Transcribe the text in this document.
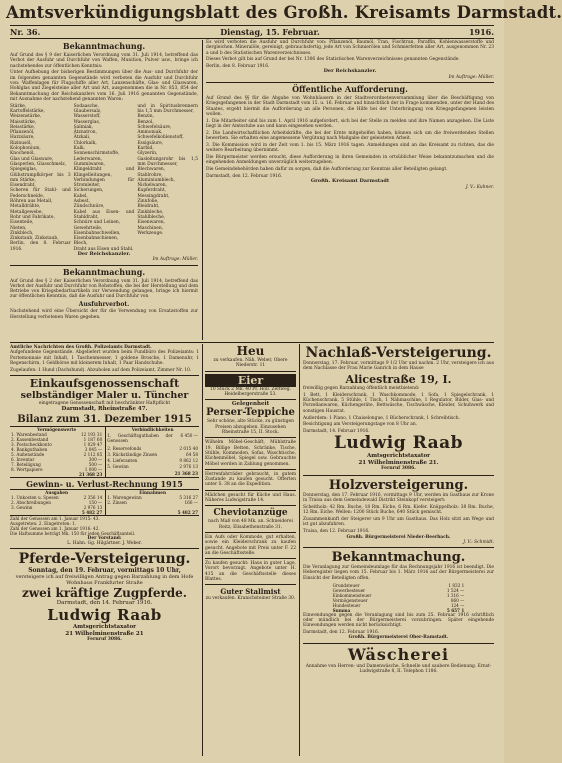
Amtsverkündigungsblatt des Großh. Kreisamts Darmstadt.
Nr. 36.	Dienstag, 15. Februar.	1916.
Bekanntmachung.

Auf Grund des § 9 der Kaiserlichen Verordnung vom 31. Juli 1914, betreffend das Verbot der Ausfuhr und Durchfuhr von Waffen, Munition, Pulver usw., bringe ich nachstehendes zur öffentlichen Kenntnis:

Unter Aufhebung der bisherigen Bestimmungen über die Aus- und Durchfuhr der im folgenden genannten Gegenstände wird verboten die Ausfuhr und Durchfuhr von: Waffenlagen für Flugschiffe aller Art, Lanzenschäfte, Glas- und Glaswaren, Hohlglas und Ziegelsteine aller Art und Art, ausgenommen die in Nr. 853, 854 der Bekanntmachung der Reichskanzlers vom 16. Juli 1916 genannten Gegenstände, mit Ausnahme der nachstehend genannten Waren:

Stärke,
Kartoffelstärke,
Weizenstärke,
Maisstärke,
Reisstärke,
Pflanzenöl,
Harzsäure,
Rizinusöl,
Kolophonium,
Knochenöl,
Glas und Glasware,
Glasperlen, Glasschmelz,
Spiegelglas,
Glühstrumpfkörper bis 3 mm Stärke,
Eisendraht,
Scheren für Stahl- und Federschneide,
Röhren aus Metall,
Metalldrähte,
Metallgewebe,
Rohr und Fabrikate,
Eisenteile,
Nieten,
Zinkblech,
Zinkstaub, Zinkstaub,
Berlin, den 8. Februar 1916.
Sodaasche,
Glaubersalz,
Wasserstoff,
Wasserglas,
Salmiak,
Ätznatron,
Ätzkali,
Chlorkalk,
Kalk,
Sonnenschirmstoffe,
Lederwaren,
Gummiwaren,
Klingeldraht und Klingelleitungen,
Verbindungen für Stromleiter,
Sicherungen,
Kabel,
Asbest,
Zündschnüre,
Kabel aus Eisen- und Stahldraht,
Schnüre und Leinen,
Gewehrteile,
Eisenbahnschwellen,
Eisenbahnschienen,
Blech,
Draht aus Eisen und Stahl.
und in Spiritusbrennern bis 1,5 mm Durchmesser,
Benzin,
Benzol,
Schwefelsäure,
Ammoniak,
Schwefelkohlenstoff,
Essigsäure,
Karbid,
Glyzerin,
Gasleitungsrohr bis 1,5 mm Durchmesser,
Blechwaren,
Stahlrohre,
Aluminiumblech,
Nickelwaren,
Kupferdraht,
Messingdraht,
Zinnfolie,
Bleidraht,
Zinkbleche,
Stahlbleche,
Eisenwaren,
Maschinen,
Werkzeuge.
Der Reichskanzler.
Im Auftrage: Müller.
Bekanntmachung.

Auf Grund des § 2 der Kaiserlichen Verordnung vom 31. Juli 1914, betreffend das Verbot der Ausfuhr und Durchfuhr von Rohstoffen, die bei der Herstellung und dem Betriebe von Kriegsbedarfsartikeln zur Verwendung gelangen, bringe ich hiermit zur öffentlichen Kenntnis, daß die Ausfuhr und Durchfuhr von

Ausfuhrverbot.

Nachstehend wird eine Übersicht der für die Verwendung von Ersatzstoffen zur Herstellung verbotenen Waren gegeben.

Es wird verboten die Ausfuhr und Durchfuhr von: Pflanzenöl, Baumöl, Tran, Fischtran, Paraffin, Kohlenwasserstoffe und dergleichen. Mineralöle, gereinigt, gebrauchsfertig, jede Art von Schmierölen und Schmierfetten aller Art, ausgenommen Nr. 23 a und b des Statistischen Warenverzeichnisses.

Dieses Verbot gilt bis auf Grund der bei Nr. 1306 des Statistischen Warenverzeichnisses genannten Gegenstände.

Berlin, den 8. Februar 1916.
Der Reichskanzler.
Im Auftrage: Müller.
Öffentliche Aufforderung.

Auf Grund des §§ für die Abgabe von Wohnhäusern in der Stadtverordnetenversammlung über die Beschäftigung von Kriegsgefangenen in der Stadt Darmstadt vom 15. u. 16. Februar und hinsichtlich der in Frage kommenden, unter der Hand des Staates, ergeht hiermit die Aufforderung an alle Personen, die Hilfe bei der Unterbringung von Kriegsgefangenen leisten wollen.

1. Die Mitarbeiter sind bis zum 1. April 1916 aufgefordert, sich bei der Stelle zu melden und ihre Namen anzugeben. Die Liste liegt in der Amtsstube aus und kann eingesehen werden.

2. Die Landwirtschaftlichen Arbeitskräfte, die bei der Ernte mitgeholfen haben, können sich um die freiwerdenden Stellen bewerben. Sie erhalten eine angemessene Vergütung nach Maßgabe der geleisteten Arbeit.

3. Die Kommission wird in der Zeit vom 1. bis 15. März 1916 tagen. Anmeldungen sind an das Kreisamt zu richten, das die weitere Bearbeitung übernimmt.

Die Bürgermeister werden ersucht, diese Aufforderung in ihren Gemeinden in ortsüblicher Weise bekanntzumachen und die eingehenden Anmeldungen unverzüglich weiterzugeben.

Die Gemeindebehörden haben dafür zu sorgen, daß die Aufforderung zur Kenntnis aller Beteiligten gelangt.

Darmstadt, den 12. Februar 1916.
Großh. Kreisamt Darmstadt
J. V.: Kuhner.
Amtliche Nachrichten des Großh. Polizeiamts Darmstadt.

Aufgefundene Gegenstände. Abgeliefert wurden beim Fundbüro des Polizeiamts: 1 Portemonnaie mit Inhalt, 1 Taschenmesser, 1 goldene Brosche, 1 Damenuhr, 1 Regenschirm, 1 Geldbörse mit kleinerem Inhalt, 1 Paar Handschuhe.

Zugelaufen: 1 Hund (Dachshund). Abzuholen auf dem Polizeiamt, Zimmer Nr. 10.

Einkaufsgenossenschaft
selbständiger Maler u. Tüncher
eingetragene Genossenschaft mit beschränkter Haftpflicht
Darmstadt, Rheinstraße 47.
Bilanz zum 31. Dezember 1915
Vermögenswerte	
1. Warenbestand	12 193 31
2. Kassenbestand	1 187 60
3. Postscheckkonto	1 029 47
4. Bankguthaben	3 045 —
5. Außenstände	2 112 85
6. Inventar	300 —
7. Beteiligung	500 —
8. Wertpapiere	1 000 —
	21 368 23
Verbindlichkeiten	
1. Geschäftsguthaben der Genossen	6 450 —
2. Reservefonds	2 015 40
3. Rückständige Zinsen	64 58
4. Lieferanten	9 862 12
5. Gewinn	2 976 13
	21 368 23
Gewinn- u. Verlust-Rechnung 1915
Ausgaben	
1. Unkosten u. Spesen	2 356 14
2. Abschreibungen	150 —
3. Gewinn	2 976 13
	5 482 27
Einnahmen	
1. Warengewinn	5 316 27
2. Zinsen	166 —

	5 482 27
Zahl der Genossen am 1. Januar 1915: 43.
Ausgetreten: 2. Eingetreten: 1.
Zahl der Genossen am 1. Januar 1916: 42.
Die Haftsumme beträgt Mk. 150 für jeden Geschäftsanteil.
Der Vorstand:
L. Hahn. Gg. Hilgärtner. J. Weber.
Pferde-Versteigerung.
Sonntag, den 19. Februar, vormittags 10 Uhr,
versteigere ich auf freiwilligen Antrag gegen Barzahlung in dem Hofe Wohnhaus Frankfurter Straße
zwei kräftige Zugpferde.
Darmstadt, den 14. Februar 1916.
Ludwig Raab
Amtsgerichtstaxator
21 Wilhelminenstraße 21
Fernruf 3086.
Heu
zu verkaufen. Näh. Weber, Obere Niederstr. 11
Eier
10 Stück 2 Mk. 40 Pf. Holl. Zeltweg. Heidelbergerstraße 53.
Gelegenheit
Perser-Teppiche

Sehr schöne, alte Stücke, zu günstigen Preisen abzugeben. Einzusehen Rheinstraße 15, II. Stock.

Wilhelm Möbel-Geschäft, Mühlstraße 19. Billige Betten, Schränke, Tische, Stühle, Kommoden, Sofas, Waschtische, Küchenmöbel, Spiegel usw. Gebrauchte Möbel werden in Zahlung genommen.

Herrenfahrräder gebraucht, in gutem Zustande zu kaufen gesucht. Offerten unter S. 38 an die Expedition.

Mädchen gesucht für Küche und Haus. Näheres Ludwigstraße 14.

Cheviotanzüge

nach Maß von 48 Mk. an. Schneiderei Reitz, Elisabethenstraße 31.

Ein Aufs oder Kommode, gut erhalten, sowie ein Kleiderschrank zu kaufen gesucht. Angebote mit Preis unter F. 22 an die Geschäftsstelle.

Zu kaufen gesucht: Haus in guter Lage, Vorort bevorzugt. Angebote unter H. 415 an die Geschäftsstelle dieses Blattes.

Guter Stallmist

zu verkaufen. Kranichsteiner Straße 30.

Nachlaß-Versteigerung.

Donnerstag, 17. Februar, vormittags 9 1/2 Uhr und nachm. 2 Uhr, versteigere ich aus dem Nachlasse der Frau Marie Ganrich in dem Hause

Alicestraße 19, I.

freiwillig gegen Barzahlung öffentlich meistbietend:

1 Bett, 1 Kleiderschrank, 1 Waschkommode, 1 Sofa, 1 Spiegelschrank, 1 Küchenschrank, 5 Stühle, 1 Tisch, 1 Nähmaschine, 1 Regulator, Bilder, Glas- und Porzellanwaren, Küchengeräte, Bettwäsche, Tischwäsche, Kleider, Schuhwerk und sonstigen Hausrat.

Außerdem: 1 Piano, 1 Chaiselongue, 1 Bücherschrank, 1 Schreibtisch.

Besichtigung am Versteigerungstage von 8 Uhr an.

Darmstadt, 14. Februar 1916.
Ludwig Raab
Amtsgerichtstaxator
21 Wilhelminenstraße 21.
Fernruf 3086.
Holzversteigerung.

Donnerstag, den 17. Februar 1916, vormittags 9 Uhr, werden im Gasthaus zur Krone in Traisa aus dem Gemeindewald Distrikt Steinkopf versteigert:

Scheitholz: 42 Rm. Buche, 18 Rm. Eiche, 6 Rm. Kiefer. Knüppelholz: 38 Rm. Buche, 12 Rm. Eiche. Wellen: 1200 Stück Buche, 640 Stück gemischt.

Zusammenkunft der Steigerer um 9 Uhr am Gasthaus. Das Holz sitzt am Wege und ist gut abzufahren.

Traisa, den 12. Februar 1916.
Großh. Bürgermeisterei Nieder-Beerbach.
J. V.: Schmidt.
Bekanntmachung.

Die Veranlagung zur Gemeindeumlage für das Rechnungsjahr 1916 ist beendigt. Die Heberegister liegen vom 15. Februar bis 1. März 1916 auf der Bürgermeisterei zur Einsicht der Beteiligten offen.

Grundsteuer	1 833 1
Gewerbesteuer	1 524 —
Einkommensteuer	1 316 —
Vermögensteuer	860 —
Hundesteuer	124 —
Summa	5 657 1

Einwendungen gegen die Veranlagung sind bis zum 25. Februar 1916 schriftlich oder mündlich bei der Bürgermeisterei vorzubringen. Später eingehende Einwendungen werden nicht berücksichtigt.

Darmstadt, den 12. Februar 1916.
Großh. Bürgermeisterei Ober-Ramstadt.
Wäscherei

Annahme von Herren- und Damenwäsche. Schnelle und saubere Bedienung. Ernst-Ludwigstraße 8, II. Telephon 1186.
